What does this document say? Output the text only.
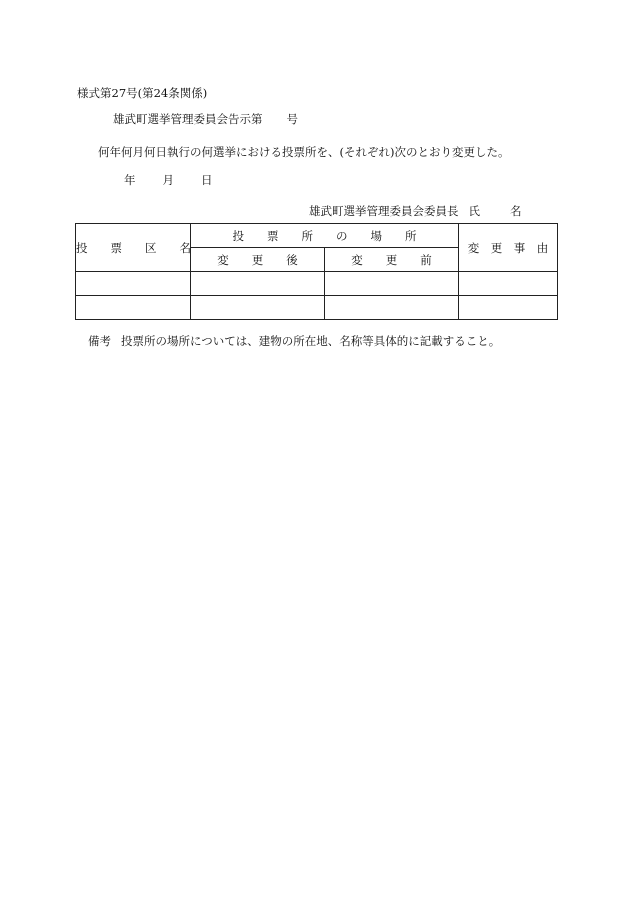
様式第27号(第24条関係)
雄武町選挙管理委員会告示第 号
何年何月何日執行の何選挙における投票所を、(それぞれ)次のとおり変更した。
年 月 日
雄武町選挙管理委員会委員長 氏	名
投　　票　　区　　名	投　　票　　所　　の　　場　　所		変　更　事　由
	変　　更　　後	変　　更　　前	

備考 投票所の場所については、建物の所在地、名称等具体的に記載すること。
